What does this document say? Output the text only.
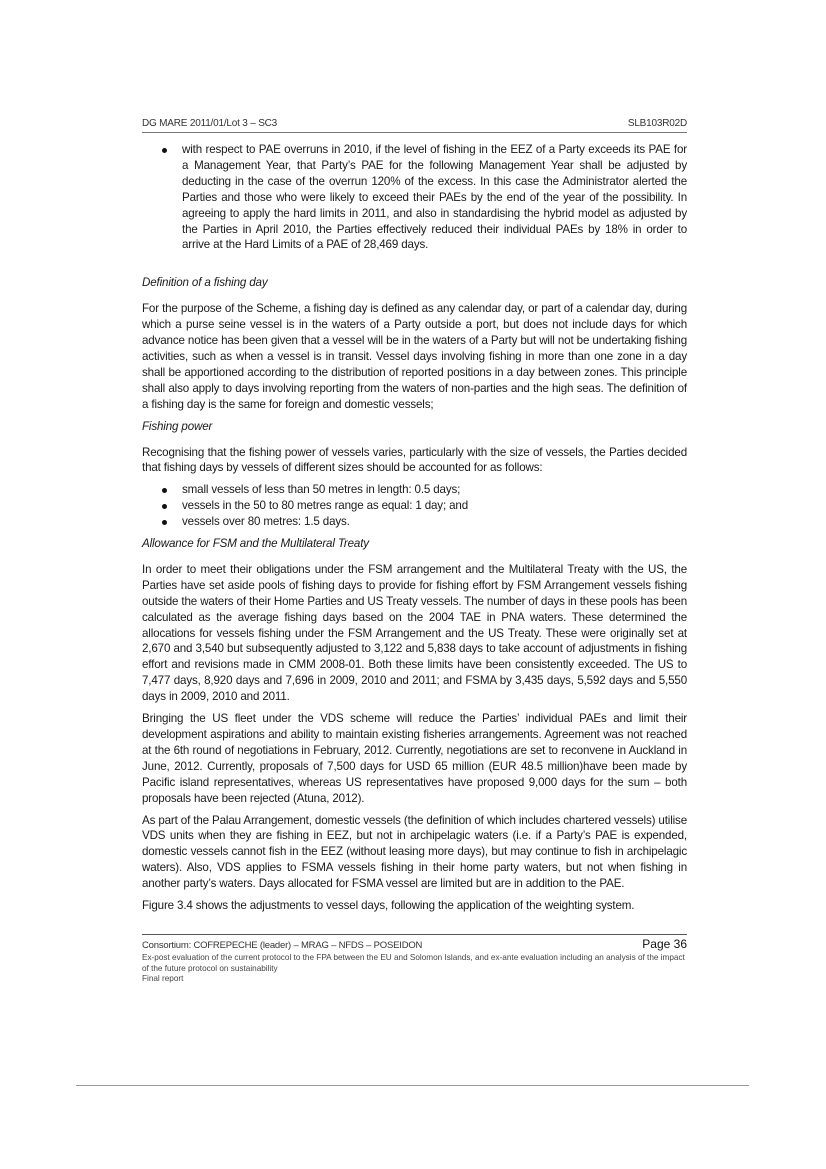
DG MARE 2011/01/Lot 3 – SC3	SLB103R02D
with respect to PAE overruns in 2010, if the level of fishing in the EEZ of a Party exceeds its PAE for a Management Year, that Party’s PAE for the following Management Year shall be adjusted by deducting in the case of the overrun 120% of the excess. In this case the Administrator alerted the Parties and those who were likely to exceed their PAEs by the end of the year of the possibility. In agreeing to apply the hard limits in 2011, and also in standardising the hybrid model as adjusted by the Parties in April 2010, the Parties effectively reduced their individual PAEs by 18% in order to arrive at the Hard Limits of a PAE of 28,469 days.

Definition of a fishing day

For the purpose of the Scheme, a fishing day is defined as any calendar day, or part of a calendar day, during which a purse seine vessel is in the waters of a Party outside a port, but does not include days for which advance notice has been given that a vessel will be in the waters of a Party but will not be undertaking fishing activities, such as when a vessel is in transit. Vessel days involving fishing in more than one zone in a day shall be apportioned according to the distribution of reported positions in a day between zones. This principle shall also apply to days involving reporting from the waters of non-parties and the high seas. The definition of a fishing day is the same for foreign and domestic vessels;

Fishing power

Recognising that the fishing power of vessels varies, particularly with the size of vessels, the Parties decided that fishing days by vessels of different sizes should be accounted for as follows:

small vessels of less than 50 metres in length: 0.5 days;
vessels in the 50 to 80 metres range as equal: 1 day; and
vessels over 80 metres: 1.5 days.

Allowance for FSM and the Multilateral Treaty

In order to meet their obligations under the FSM arrangement and the Multilateral Treaty with the US, the Parties have set aside pools of fishing days to provide for fishing effort by FSM Arrangement vessels fishing outside the waters of their Home Parties and US Treaty vessels. The number of days in these pools has been calculated as the average fishing days based on the 2004 TAE in PNA waters. These determined the allocations for vessels fishing under the FSM Arrangement and the US Treaty. These were originally set at 2,670 and 3,540 but subsequently adjusted to 3,122 and 5,838 days to take account of adjustments in fishing effort and revisions made in CMM 2008-01. Both these limits have been consistently exceeded. The US to 7,477 days, 8,920 days and 7,696 in 2009, 2010 and 2011; and FSMA by 3,435 days, 5,592 days and 5,550 days in 2009, 2010 and 2011.

Bringing the US fleet under the VDS scheme will reduce the Parties’ individual PAEs and limit their development aspirations and ability to maintain existing fisheries arrangements. Agreement was not reached at the 6th round of negotiations in February, 2012. Currently, negotiations are set to reconvene in Auckland in June, 2012. Currently, proposals of 7,500 days for USD 65 million (EUR 48.5 million)have been made by Pacific island representatives, whereas US representatives have proposed 9,000 days for the sum – both proposals have been rejected (Atuna, 2012).

As part of the Palau Arrangement, domestic vessels (the definition of which includes chartered vessels) utilise VDS units when they are fishing in EEZ, but not in archipelagic waters (i.e. if a Party’s PAE is expended, domestic vessels cannot fish in the EEZ (without leasing more days), but may continue to fish in archipelagic waters). Also, VDS applies to FSMA vessels fishing in their home party waters, but not when fishing in another party’s waters. Days allocated for FSMA vessel are limited but are in addition to the PAE.

Figure 3.4 shows the adjustments to vessel days, following the application of the weighting system.

Consortium: COFREPECHE (leader) – MRAG – NFDS – POSEIDON	Page 36
Ex-post evaluation of the current protocol to the FPA between the EU and Solomon Islands, and ex-ante evaluation including an analysis of the impact of the future protocol on sustainability
Final report
